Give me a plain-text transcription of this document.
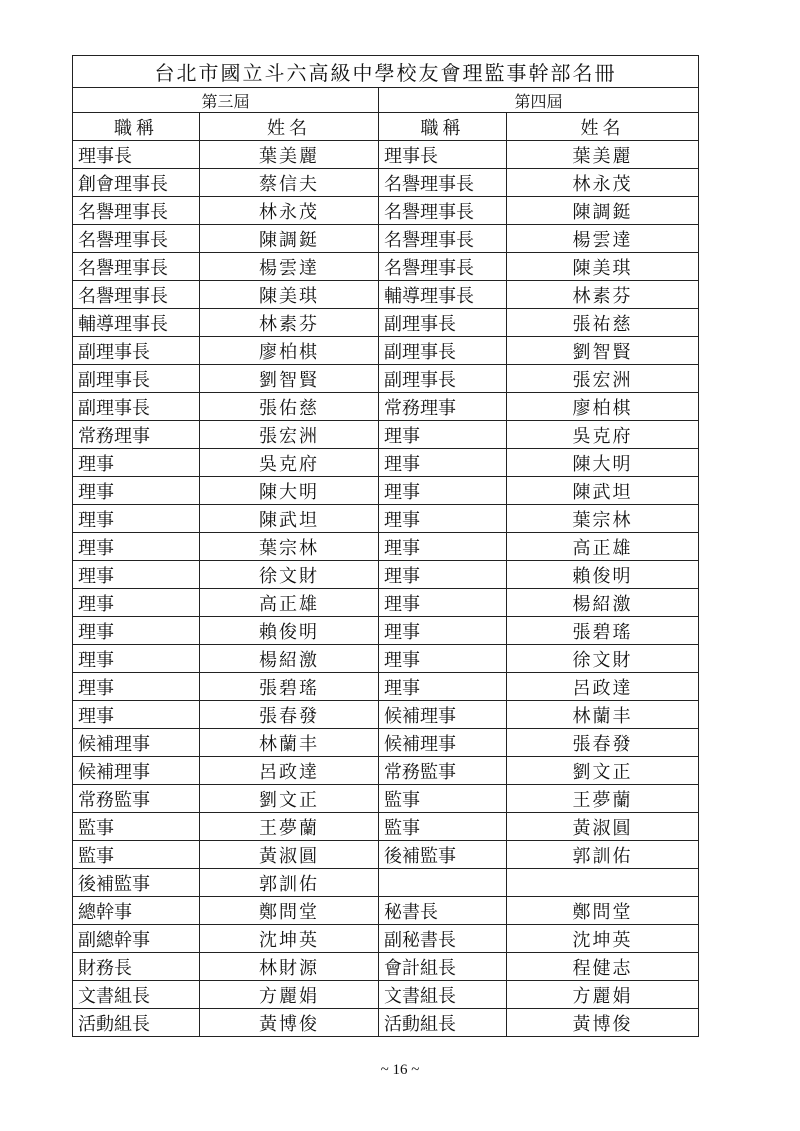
台北市國立斗六高級中學校友會理監事幹部名冊			
第三屆		第四屆	
職稱	姓名	職稱	姓名
理事長	葉美麗	理事長	葉美麗
創會理事長	蔡信夫	名譽理事長	林永茂
名譽理事長	林永茂	名譽理事長	陳調鋌
名譽理事長	陳調鋌	名譽理事長	楊雲達
名譽理事長	楊雲達	名譽理事長	陳美琪
名譽理事長	陳美琪	輔導理事長	林素芬
輔導理事長	林素芬	副理事長	張祐慈
副理事長	廖柏棋	副理事長	劉智賢
副理事長	劉智賢	副理事長	張宏洲
副理事長	張佑慈	常務理事	廖柏棋
常務理事	張宏洲	理事	吳克府
理事	吳克府	理事	陳大明
理事	陳大明	理事	陳武坦
理事	陳武坦	理事	葉宗林
理事	葉宗林	理事	高正雄
理事	徐文財	理事	賴俊明
理事	高正雄	理事	楊紹激
理事	賴俊明	理事	張碧瑤
理事	楊紹激	理事	徐文財
理事	張碧瑤	理事	呂政達
理事	張春發	候補理事	林蘭丰
候補理事	林蘭丰	候補理事	張春發
候補理事	呂政達	常務監事	劉文正
常務監事	劉文正	監事	王夢蘭
監事	王夢蘭	監事	黃淑圓
監事	黃淑圓	後補監事	郭訓佑
後補監事	郭訓佑		
總幹事	鄭問堂	秘書長	鄭問堂
副總幹事	沈坤英	副秘書長	沈坤英
財務長	林財源	會計組長	程健志
文書組長	方麗娟	文書組長	方麗娟
活動組長	黃博俊	活動組長	黃博俊
~ 16 ~
